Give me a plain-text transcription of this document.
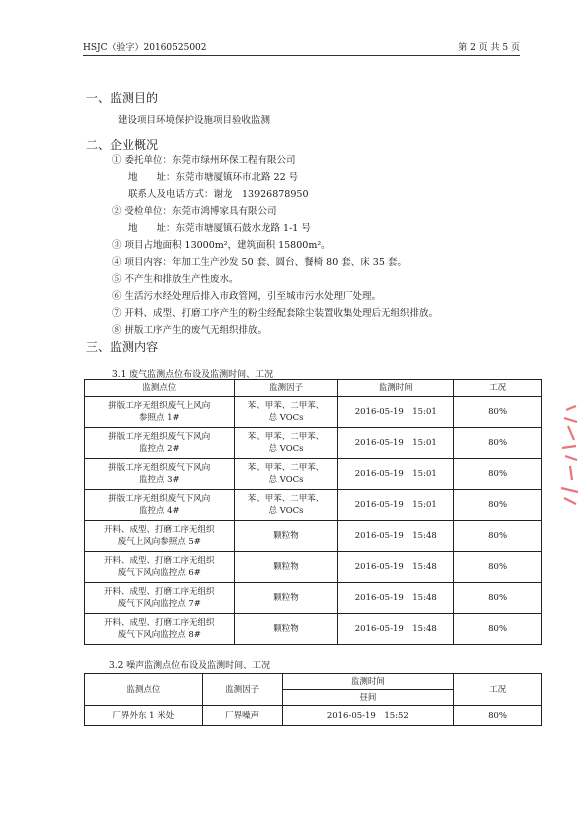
HSJC（验字）20160525002	第 2 页 共 5 页
一、监测目的
建设项目环境保护设施项目验收监测
二、企业概况
① 委托单位：东莞市绿州环保工程有限公司
地　　址：东莞市塘厦镇环市北路 22 号
联系人及电话方式：谢龙　13926878950
② 受检单位：东莞市鸿博家具有限公司
地　　址：东莞市塘厦镇石鼓水龙路 1-1 号
③ 项目占地面积 13000m²，建筑面积 15800m²。
④ 项目内容：年加工生产沙发 50 套、圆台、餐椅 80 套、床 35 套。
⑤ 不产生和排放生产性废水。
⑥ 生活污水经处理后排入市政管网，引至城市污水处理厂处理。
⑦ 开料、成型、打磨工序产生的粉尘经配套除尘装置收集处理后无组织排放。
⑧ 拼版工序产生的废气无组织排放。
三、监测内容
3.1 废气监测点位布设及监测时间、工况
监测点位	监测因子	监测时间	工况
拼版工序无组织废气上风向
参照点 1#	苯、甲苯、二甲苯、
总 VOCs	2016-05-19　15:01	80%
拼版工序无组织废气下风向
监控点 2#	苯、甲苯、二甲苯、
总 VOCs	2016-05-19　15:01	80%
拼版工序无组织废气下风向
监控点 3#	苯、甲苯、二甲苯、
总 VOCs	2016-05-19　15:01	80%
拼版工序无组织废气下风向
监控点 4#	苯、甲苯、二甲苯、
总 VOCs	2016-05-19　15:01	80%
开料、成型、打磨工序无组织
废气上风向参照点 5#	颗粒物	2016-05-19　15:48	80%
开料、成型、打磨工序无组织
废气下风向监控点 6#	颗粒物	2016-05-19　15:48	80%
开料、成型、打磨工序无组织
废气下风向监控点 7#	颗粒物	2016-05-19　15:48	80%
开料、成型、打磨工序无组织
废气下风向监控点 8#	颗粒物	2016-05-19　15:48	80%
3.2 噪声监测点位布设及监测时间、工况
监测点位	监测因子	监测时间	工况
		昼间	
厂界外东 1 米处	厂界噪声	2016-05-19　15:52	80%
